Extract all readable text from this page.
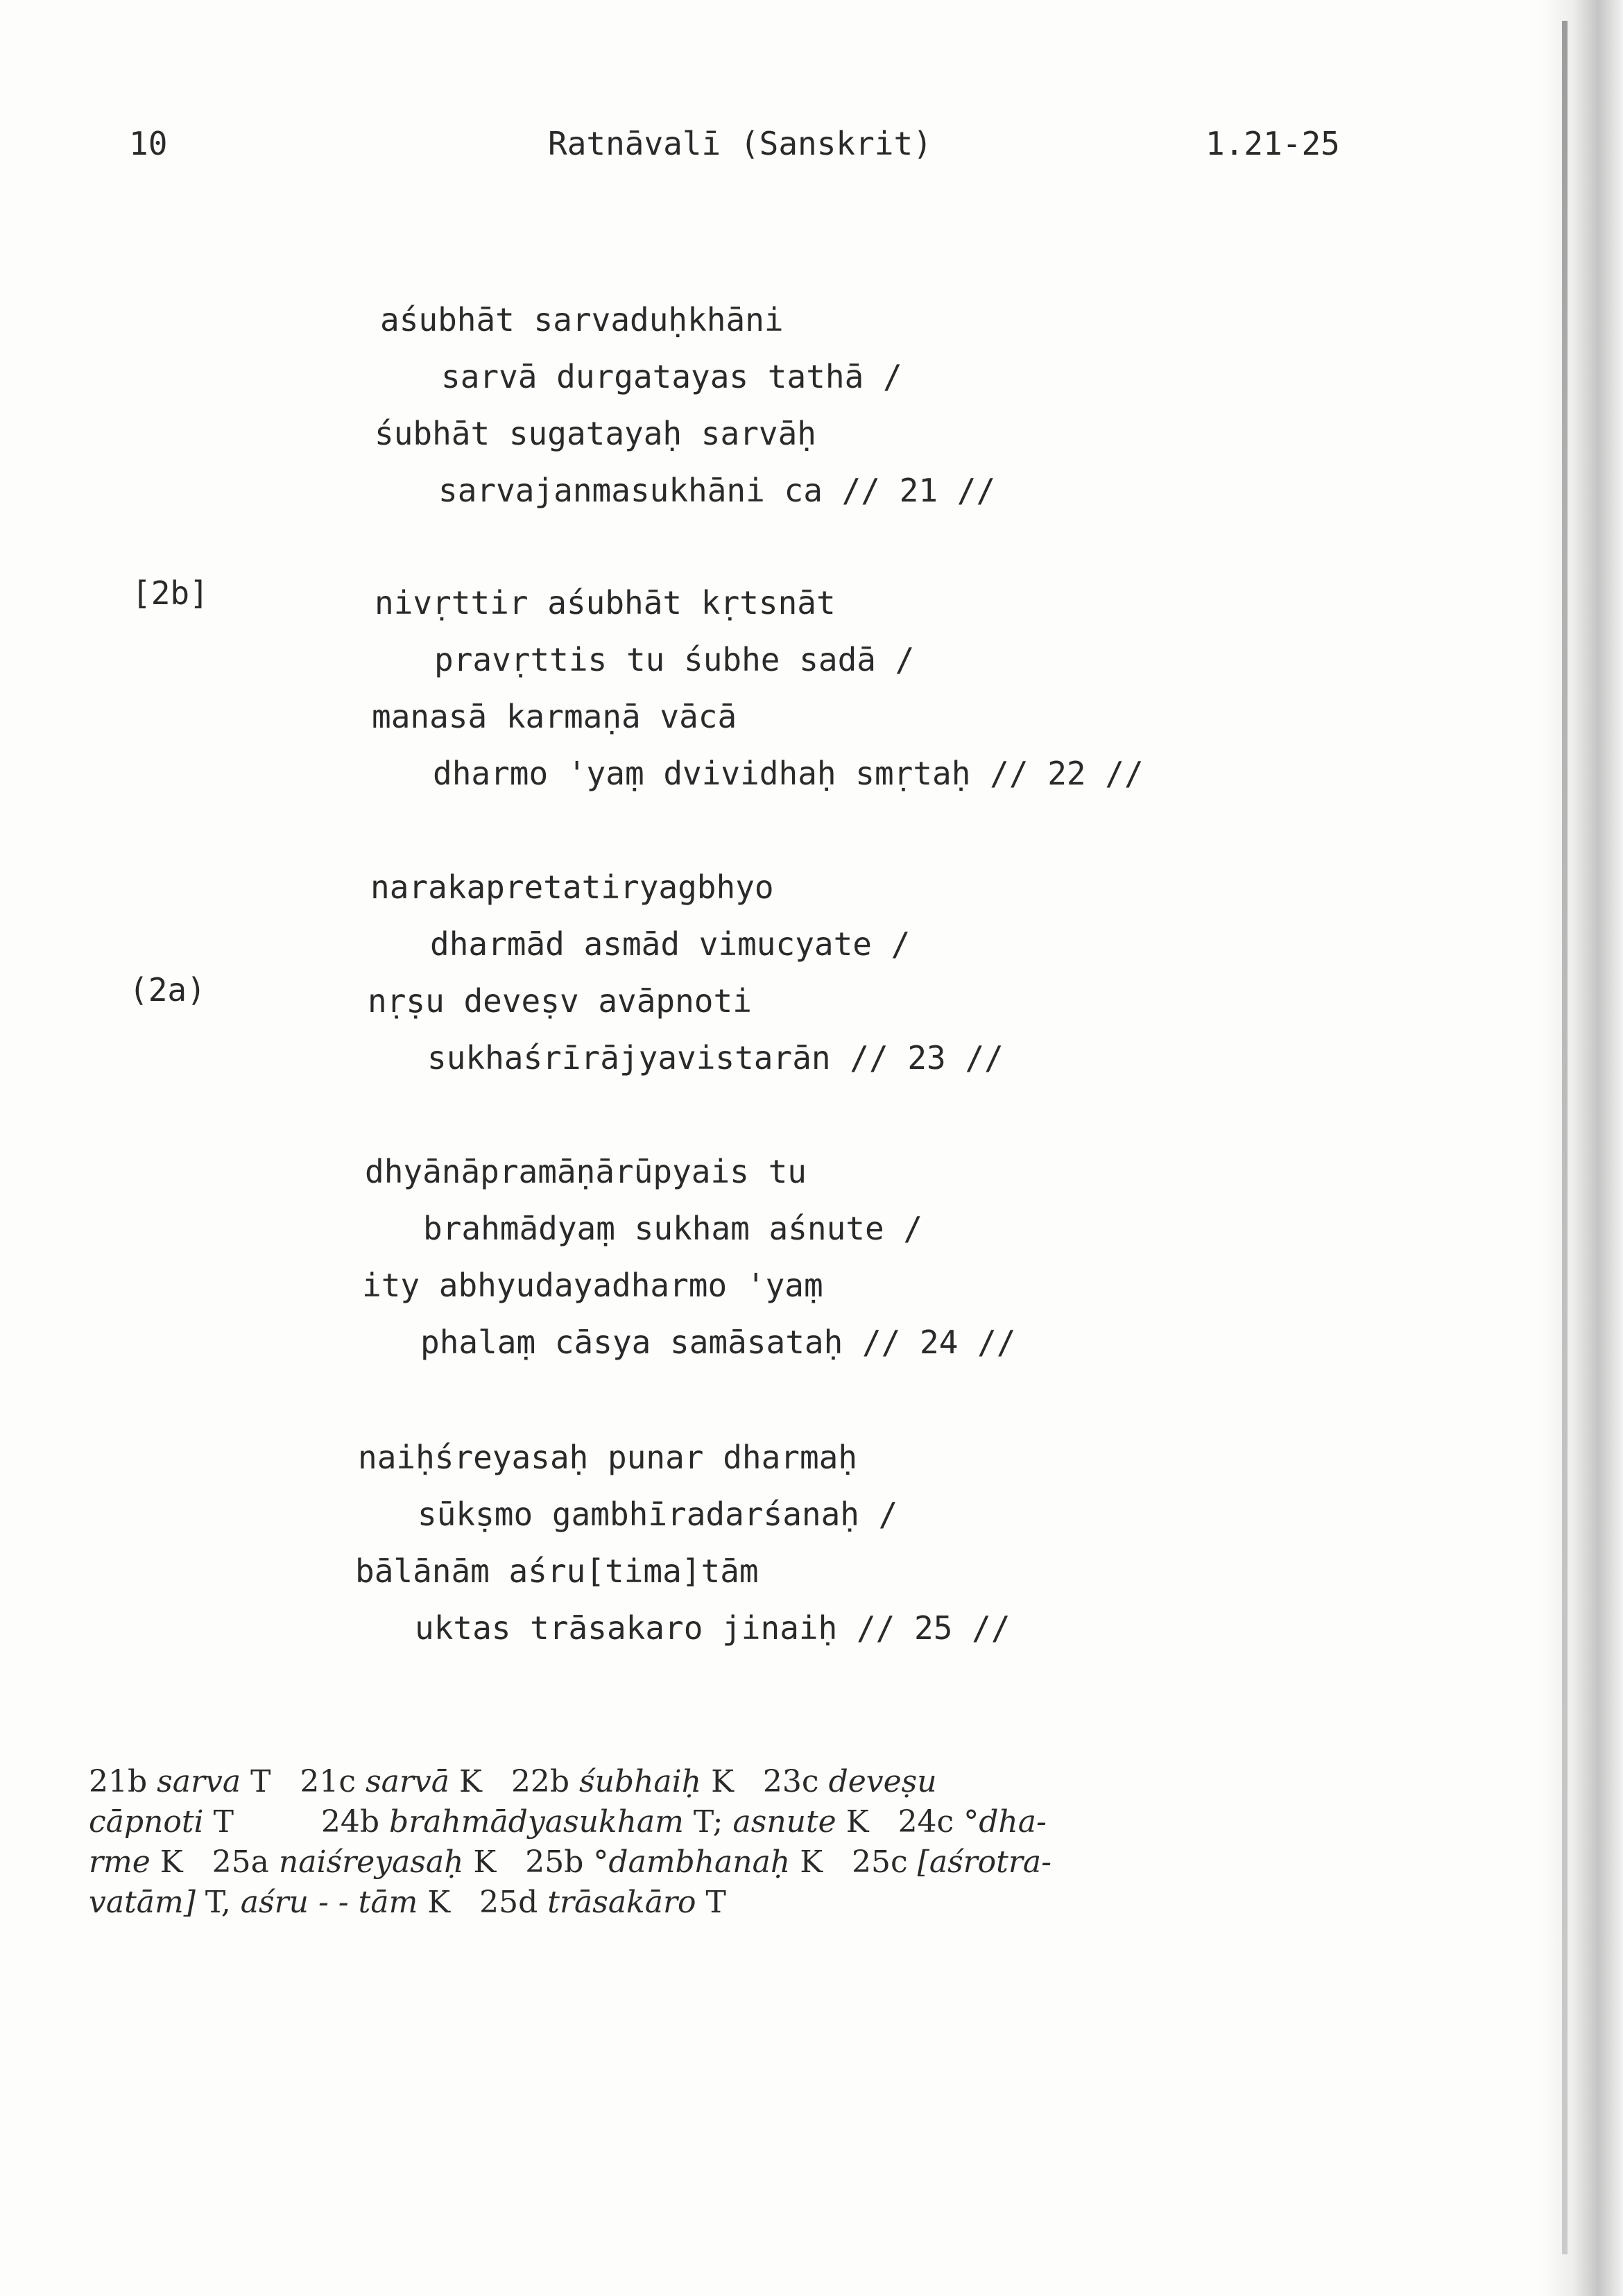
10	Ratnāvalī (Sanskrit)	1.21-25
[2b]
(2a)
aśubhāt sarvaduḥkhāni
sarvā durgatayas tathā /
śubhāt sugatayaḥ sarvāḥ
sarvajanmasukhāni ca // 21 //
nivṛttir aśubhāt kṛtsnāt
pravṛttis tu śubhe sadā /
manasā karmaṇā vācā
dharmo 'yaṃ dvividhaḥ smṛtaḥ // 22 //
narakapretatiryagbhyo
dharmād asmād vimucyate /
nṛṣu deveṣv avāpnoti
sukhaśrīrājyavistarān // 23 //
dhyānāpramāṇārūpyais tu
brahmādyaṃ sukham aśnute /
ity abhyudayadharmo 'yaṃ
phalaṃ cāsya samāsataḥ // 24 //
naiḥśreyasaḥ punar dharmaḥ
sūkṣmo gambhīradarśanaḥ /
bālānām aśru[tima]tām
uktas trāsakaro jinaiḥ // 25 //
21b sarva T 21c sarvā K 22b śubhaiḥ K 23c deveṣu
cāpnoti T	24b brahmādyasukham T; asnute K 24c °dha-
rme K 25a naiśreyasaḥ K 25b °dambhanaḥ K 25c [aśrotra-
vatām] T, aśru - - tām K 25d trāsakāro T
